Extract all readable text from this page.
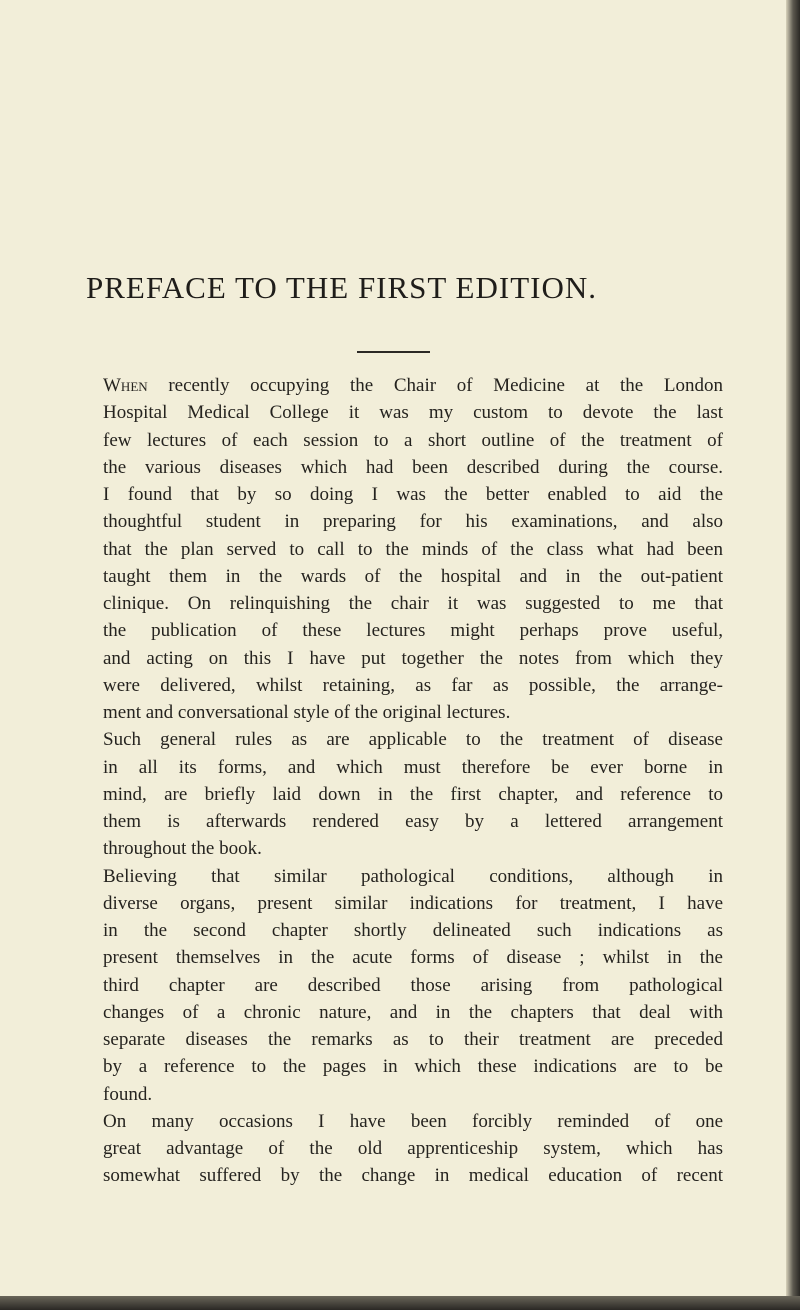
PREFACE TO THE FIRST EDITION.
When recently occupying the Chair of Medicine at the London
Hospital Medical College it was my custom to devote the last
few lectures of each session to a short outline of the treatment of
the various diseases which had been described during the course.
I found that by so doing I was the better enabled to aid the
thoughtful student in preparing for his examinations, and also
that the plan served to call to the minds of the class what had been
taught them in the wards of the hospital and in the out-patient
clinique. On relinquishing the chair it was suggested to me that
the publication of these lectures might perhaps prove useful,
and acting on this I have put together the notes from which they
were delivered, whilst retaining, as far as possible, the arrange-
ment and conversational style of the original lectures.
Such general rules as are applicable to the treatment of disease
in all its forms, and which must therefore be ever borne in
mind, are briefly laid down in the first chapter, and reference to
them is afterwards rendered easy by a lettered arrangement
throughout the book.
Believing that similar pathological conditions, although in
diverse organs, present similar indications for treatment, I have
in the second chapter shortly delineated such indications as
present themselves in the acute forms of disease ; whilst in the
third chapter are described those arising from pathological
changes of a chronic nature, and in the chapters that deal with
separate diseases the remarks as to their treatment are preceded
by a reference to the pages in which these indications are to be
found.
On many occasions I have been forcibly reminded of one
great advantage of the old apprenticeship system, which has
somewhat suffered by the change in medical education of recent
